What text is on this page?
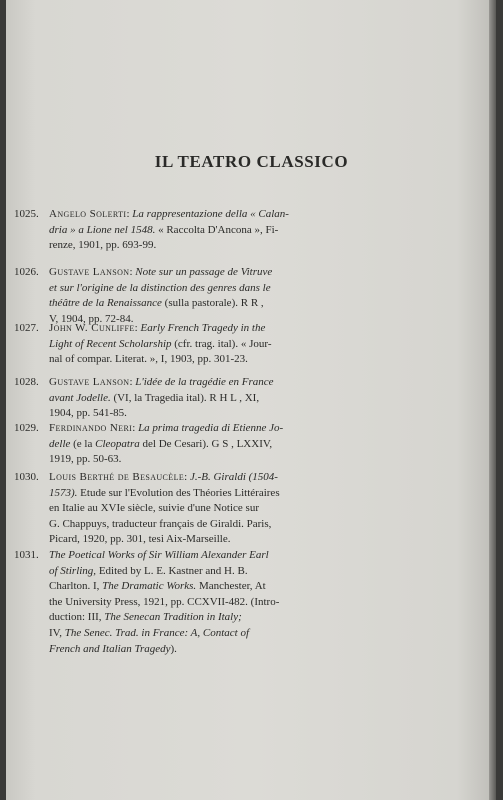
IL TEATRO CLASSICO
1025. Angelo Solerti: La rappresentazione della « Calan-
dria » a Lione nel 1548. « Raccolta D'Ancona », Fi-
renze, 1901, pp. 693-99.
1026. Gustave Lanson: Note sur un passage de Vitruve
et sur l'origine de la distinction des genres dans le
théâtre de la Renaissance (sulla pastorale). R R ,
V, 1904, pp. 72-84.
1027. John W. Cunliffe: Early French Tragedy in the
Light of Recent Scholarship (cfr. trag. ital). « Jour-
nal of compar. Literat. », I, 1903, pp. 301-23.
1028. Gustave Lanson: L'idée de la tragédie en France
avant Jodelle. (VI, la Tragedia ital). R H L , XI,
1904, pp. 541-85.
1029. Ferdinando Neri: La prima tragedia di Etienne Jo-
delle (e la Cleopatra del De Cesari). G S , LXXIV,
1919, pp. 50-63.
1030. Louis Berthé de Besaucèle: J.-B. Giraldi (1504-
1573). Etude sur l'Evolution des Théories Littéraires
en Italie au XVIe siècle, suivie d'une Notice sur
G. Chappuys, traducteur français de Giraldi. Paris,
Picard, 1920, pp. 301, tesi Aix-Marseille.
1031. The Poetical Works of Sir William Alexander Earl
of Stirling, Edited by L. E. Kastner and H. B.
Charlton. I, The Dramatic Works. Manchester, At
the University Press, 1921, pp. CCXVII-482. (Intro-
duction: III, The Senecan Tradition in Italy;
IV, The Senec. Trad. in France: A, Contact of
French and Italian Tragedy).
